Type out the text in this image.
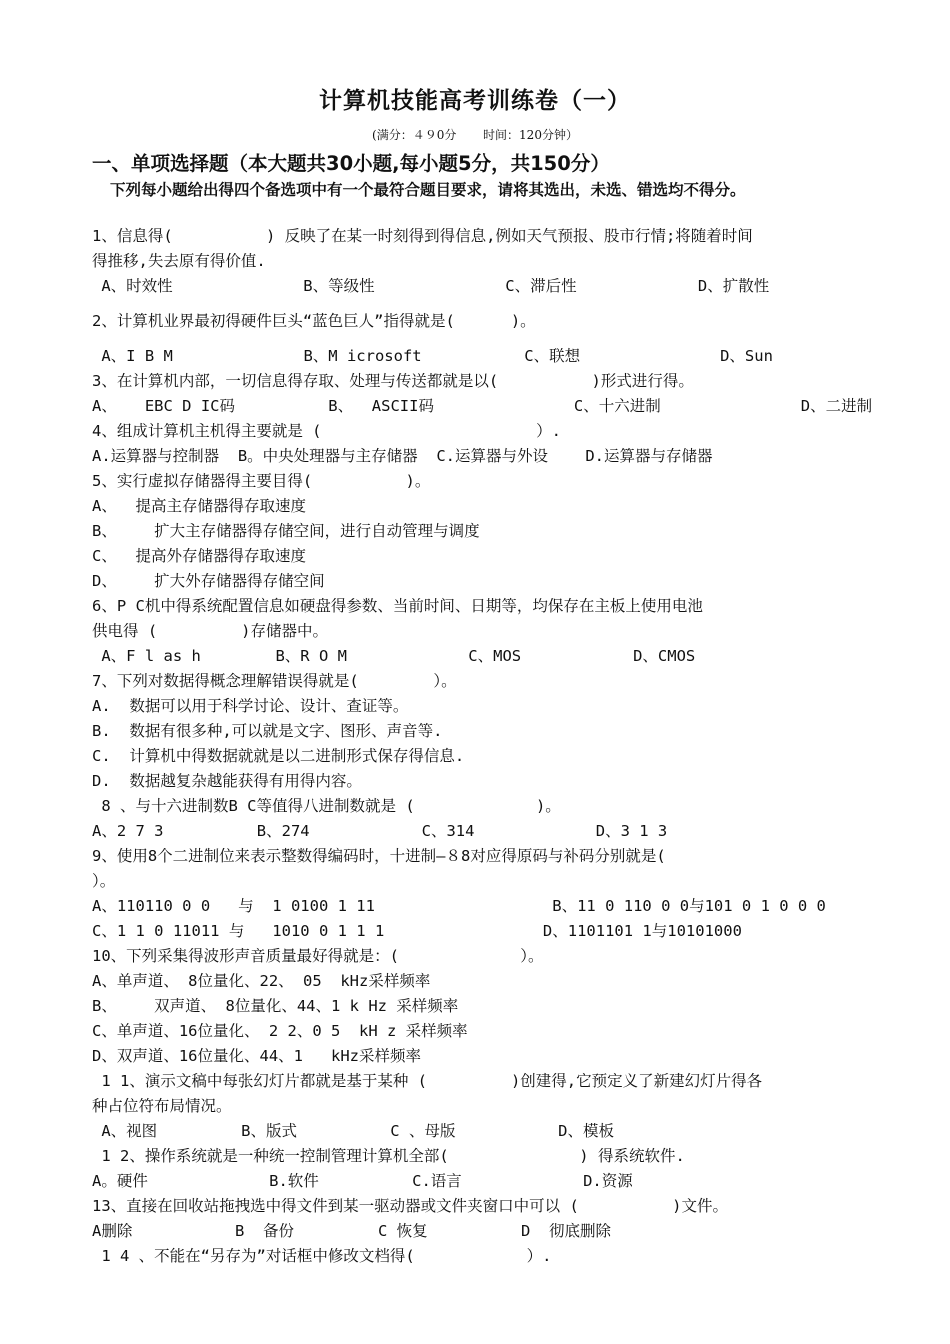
计算机技能高考训练卷（一）
(满分：４９0分       时间：120分钟）
一、单项选择题（本大题共30小题,每小题5分，共150分）
下列每小题给出得四个备选项中有一个最符合题目要求，请将其选出，未选、错选均不得分。
1、信息得(          ) 反映了在某一时刻得到得信息,例如天气预报、股市行情;将随着时间
得推移,失去原有得价值.
A、时效性              B、等级性              C、滞后性             D、扩散性
2、计算机业界最初得硬件巨头“蓝色巨人”指得就是(      )。
A、I B M              B、M icrosoft           C、联想               D、Sun
3、在计算机内部，一切信息得存取、处理与传送都就是以(          )形式进行得。
A、   EBC D IC码          B、  ASCII码               C、十六进制               D、二进制
4、组成计算机主机得主要就是 (                       ）.
A.运算器与控制器  B。中央处理器与主存储器  C.运算器与外设    D.运算器与存储器
5、实行虚拟存储器得主要目得(          )。
A、  提高主存储器得存取速度
B、    扩大主存储器得存储空间，进行自动管理与调度
C、  提高外存储器得存取速度
D、    扩大外存储器得存储空间
6、P C机中得系统配置信息如硬盘得参数、当前时间、日期等，均保存在主板上使用电池
供电得 (         )存储器中。
A、F l as h        B、R O M             C、MOS            D、CMOS
7、下列对数据得概念理解错误得就是(        ）。
A.  数据可以用于科学讨论、设计、查证等。
B.  数据有很多种,可以就是文字、图形、声音等.
C.  计算机中得数据就就是以二进制形式保存得信息.
D.  数据越复杂越能获得有用得内容。
8 、与十六进制数B C等值得八进制数就是 (             )。
A、2 7 3          B、274            C、314             D、3 1 3
9、使用8个二进制位来表示整数得编码时，十进制—８8对应得原码与补码分别就是(
）。
A、110110 0 0   与  1 0100 1 11                   B、11 0 110 0 0与101 0 1 0 0 0
C、1 1 0 11011 与   1010 0 1 1 1                 D、1101101 1与10101000
10、下列采集得波形声音质量最好得就是：(             ）。
A、单声道、 8位量化、22、 05  kHz采样频率
B、    双声道、 8位量化、44、1 k Hz 采样频率
C、单声道、16位量化、 2 2、0 5  kH z 采样频率
D、双声道、16位量化、44、1   kHz采样频率
1 1、演示文稿中每张幻灯片都就是基于某种 (         )创建得,它预定义了新建幻灯片得各
种占位符布局情况。
A、视图         B、版式          C 、母版           D、模板
1 2、操作系统就是一种统一控制管理计算机全部(              ) 得系统软件.
A。硬件             B.软件          C.语言             D.资源
13、直接在回收站拖拽选中得文件到某一驱动器或文件夹窗口中可以 (          )文件。
A删除           B  备份         C 恢复          D  彻底删除
1 4 、不能在“另存为”对话框中修改文档得(            ）.
